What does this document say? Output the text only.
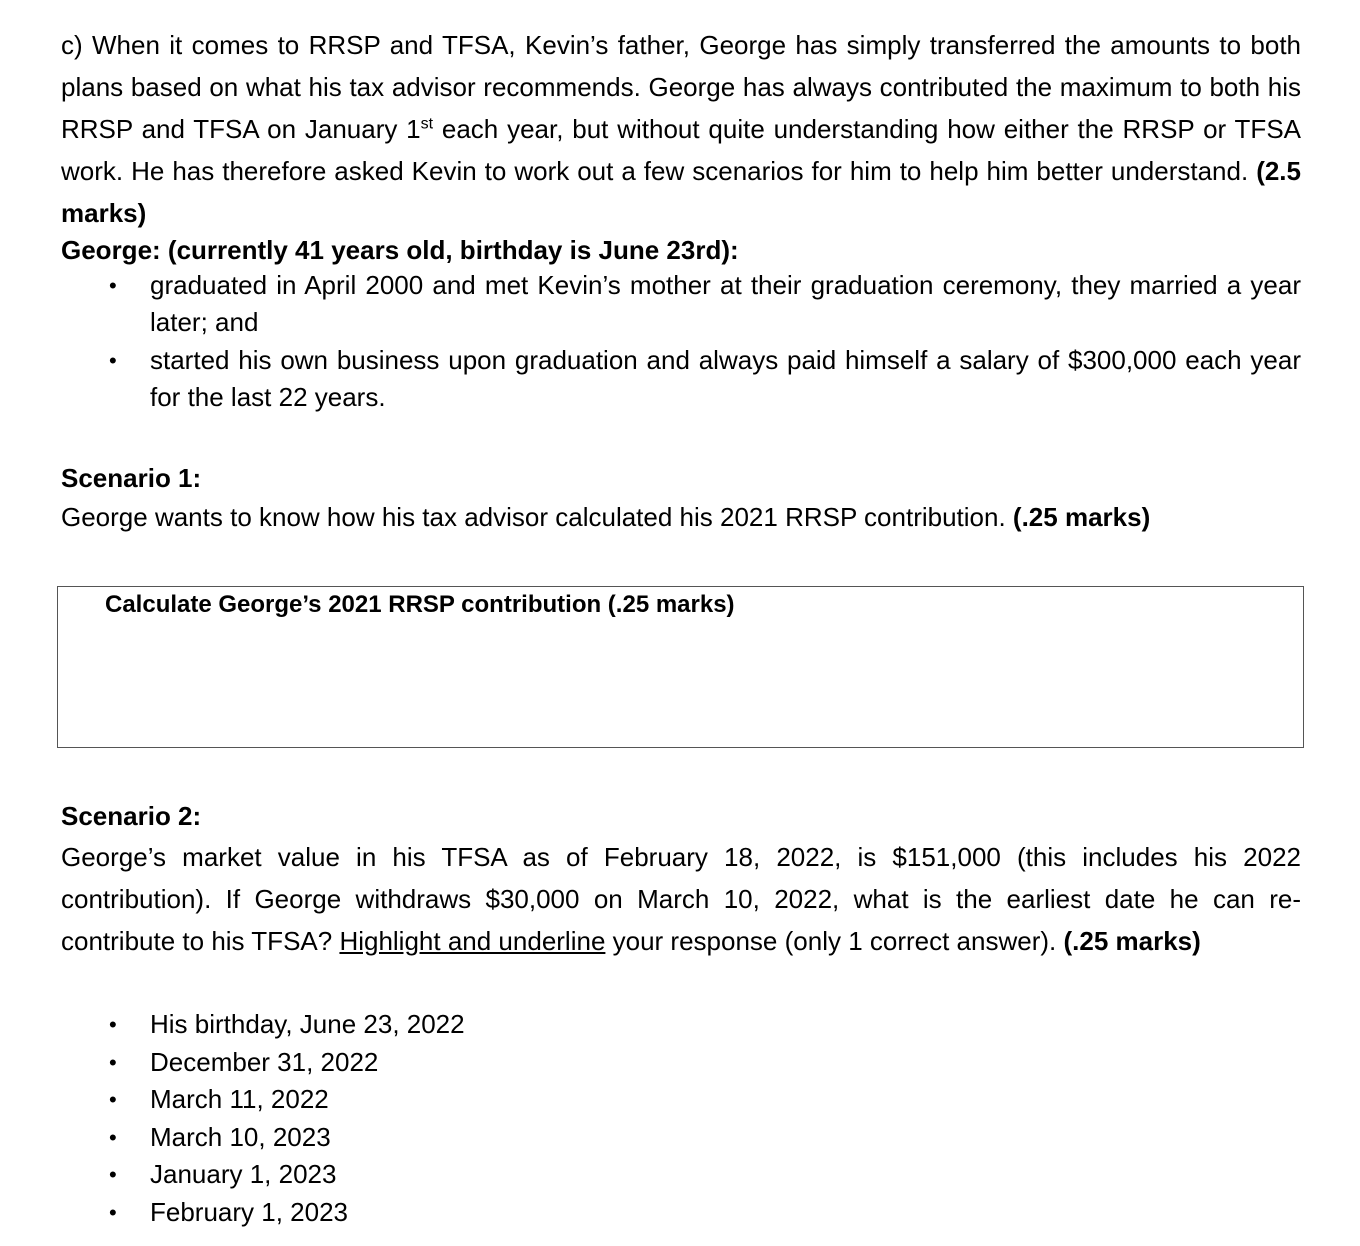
c) When it comes to RRSP and TFSA, Kevin’s father, George has simply transferred the amounts to both plans based on what his tax advisor recommends. George has always contributed the maximum to both his RRSP and TFSA on January 1st each year, but without quite understanding how either the RRSP or TFSA work. He has therefore asked Kevin to work out a few scenarios for him to help him better understand. (2.5 marks)

George: (currently 41 years old, birthday is June 23rd):

• graduated in April 2000 and met Kevin’s mother at their graduation ceremony, they married a year later; and
• started his own business upon graduation and always paid himself a salary of $300,000 each year for the last 22 years.

Scenario 1:

George wants to know how his tax advisor calculated his 2021 RRSP contribution. (.25 marks)

Calculate George’s 2021 RRSP contribution (.25 marks)

Scenario 2:

George’s market value in his TFSA as of February 18, 2022, is $151,000 (this includes his 2022 contribution). If George withdraws $30,000 on March 10, 2022, what is the earliest date he can re-contribute to his TFSA? Highlight and underline your response (only 1 correct answer). (.25 marks)

• His birthday, June 23, 2022
• December 31, 2022
• March 11, 2022
• March 10, 2023
• January 1, 2023
• February 1, 2023
